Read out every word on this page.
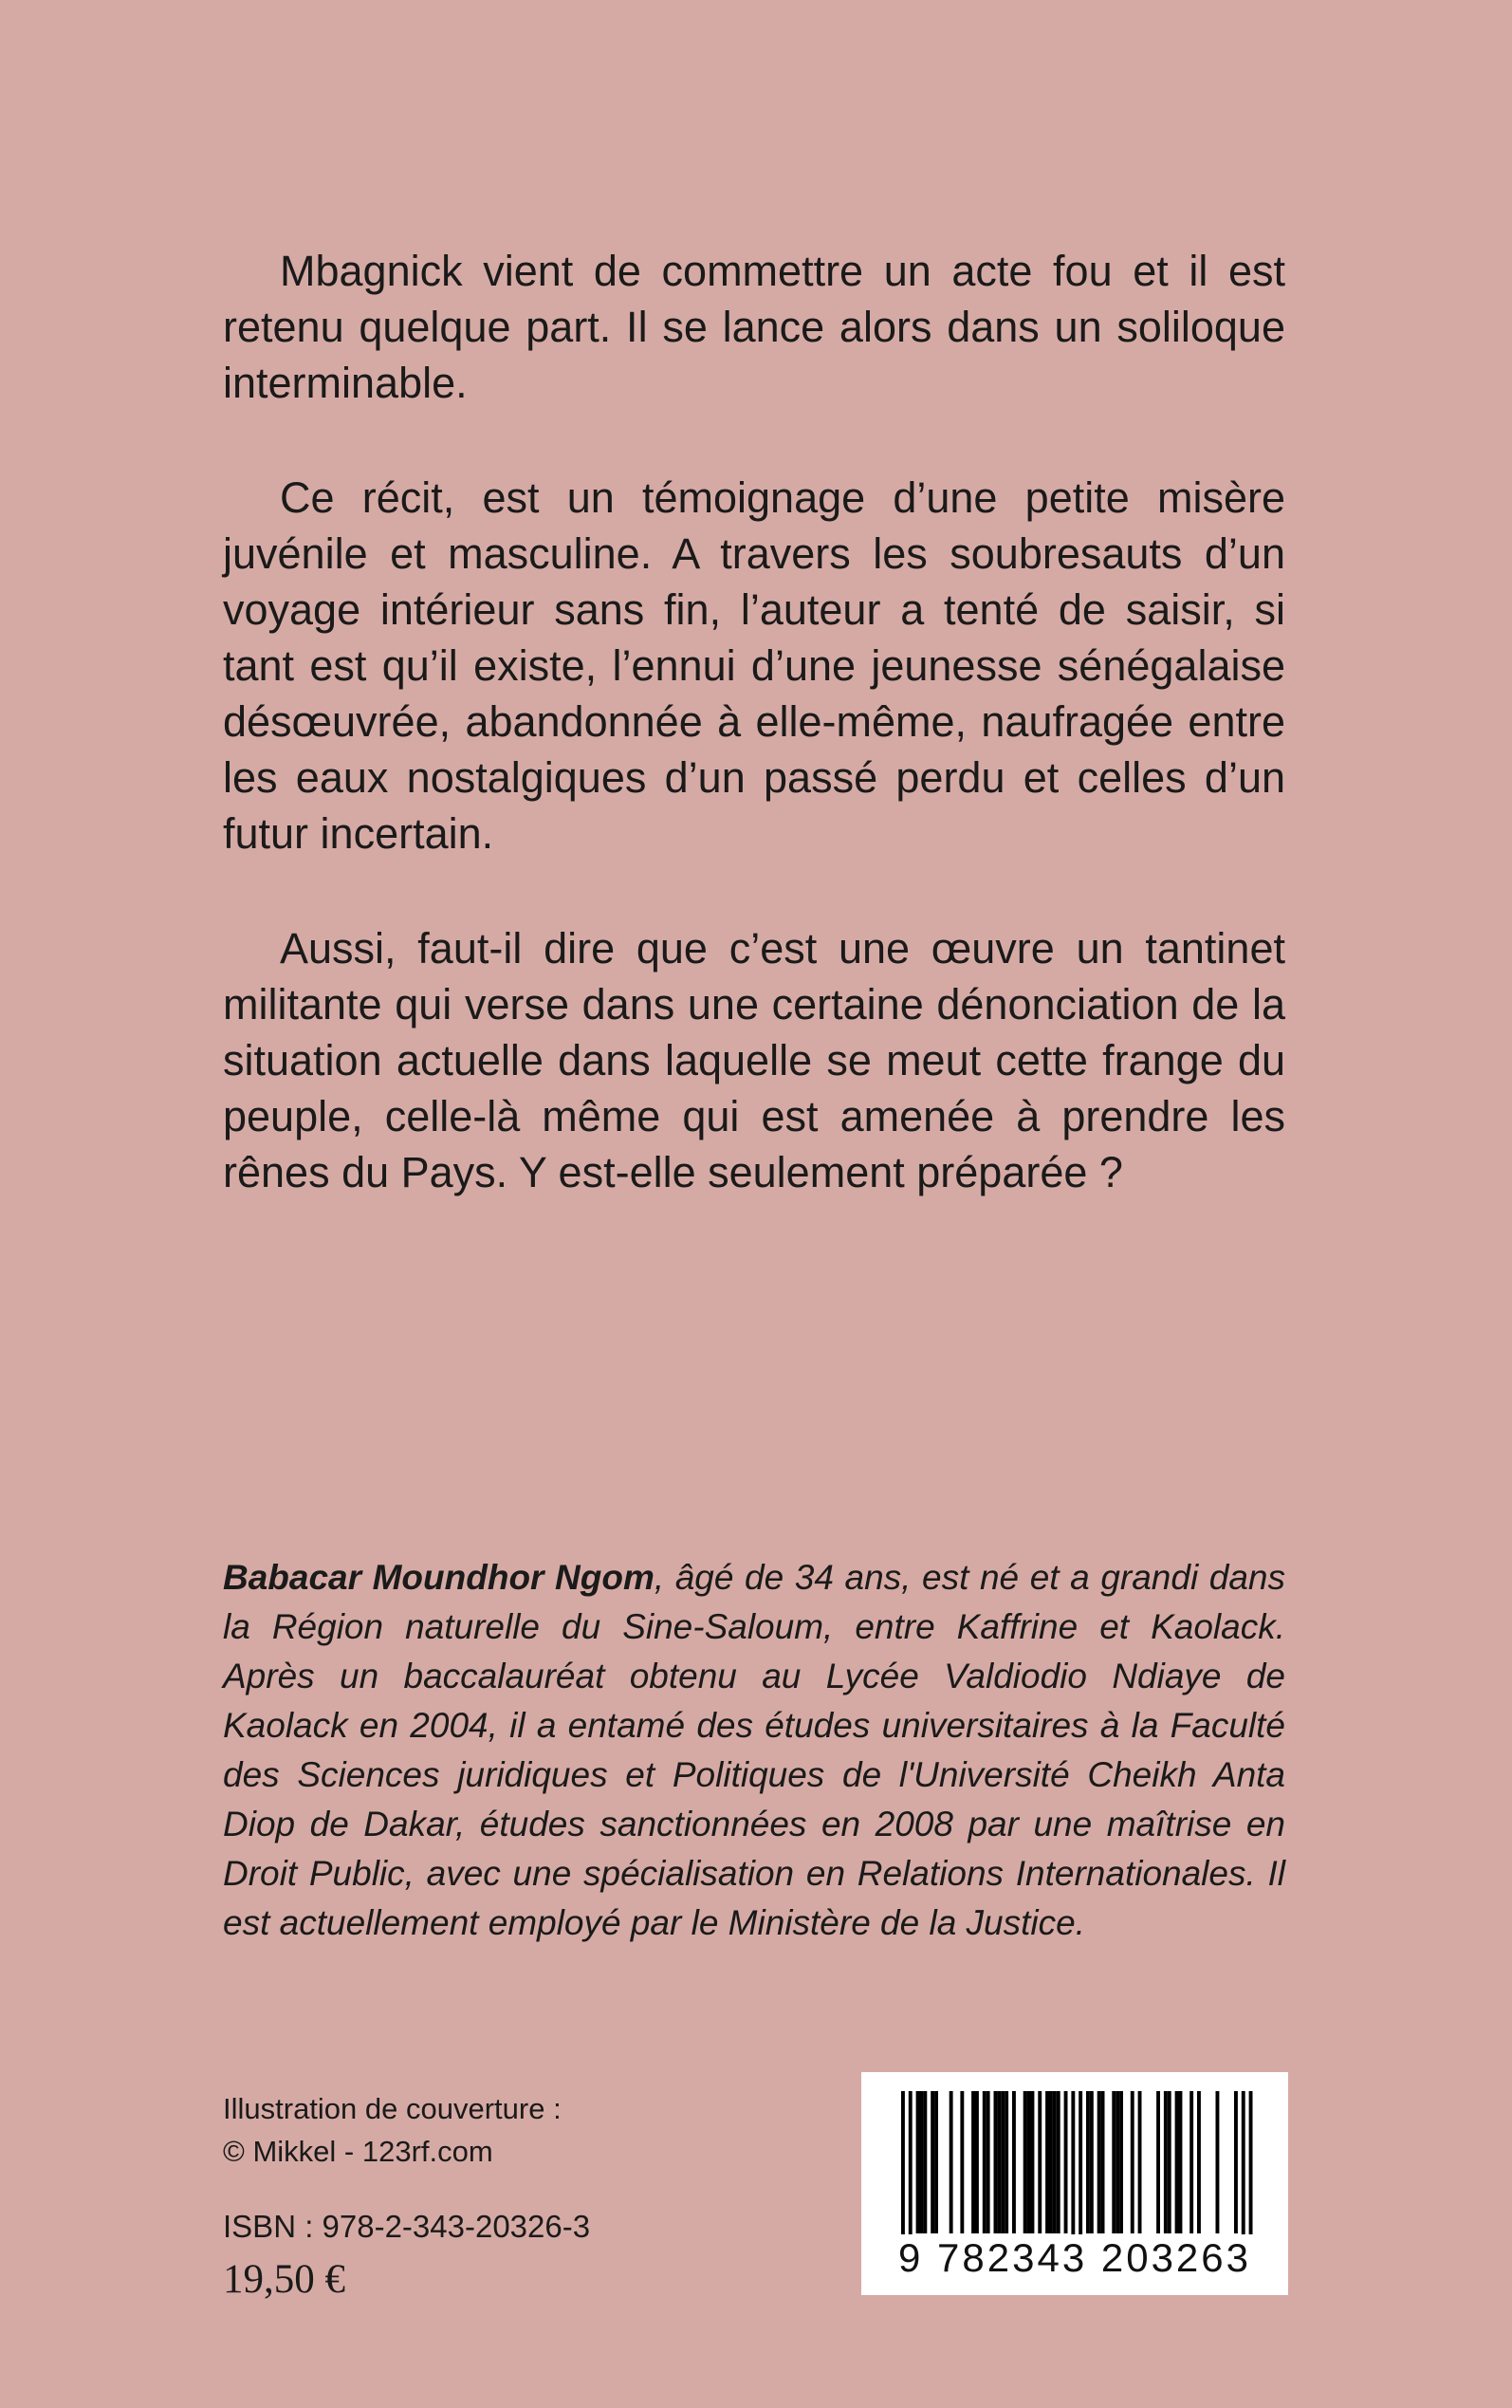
Mbagnick vient de commettre un acte fou et il est retenu quelque part. Il se lance alors dans un soliloque interminable.

Ce récit, est un témoignage d’une petite misère juvénile et masculine. A travers les soubresauts d’un voyage intérieur sans fin, l’auteur a tenté de saisir, si tant est qu’il existe, l’ennui d’une jeunesse sénégalaise désœuvrée, abandonnée à elle-même, naufragée entre les eaux nostalgiques d’un passé perdu et celles d’un futur incertain.

Aussi, faut-il dire que c’est une œuvre un tantinet militante qui verse dans une certaine dénonciation de la situation actuelle dans laquelle se meut cette frange du peuple, celle-là même qui est amenée à prendre les rênes du Pays. Y est-elle seulement préparée ?

Babacar Moundhor Ngom, âgé de 34 ans, est né et a grandi dans la Région naturelle du Sine-Saloum, entre Kaffrine et Kaolack. Après un baccalauréat obtenu au Lycée Valdiodio Ndiaye de Kaolack en 2004, il a entamé des études universitaires à la Faculté des Sciences juridiques et Politiques de l'Université Cheikh Anta Diop de Dakar, études sanctionnées en 2008 par une maîtrise en Droit Public, avec une spécialisation en Relations Internationales. Il est actuellement employé par le Ministère de la Justice.
Illustration de couverture :
© Mikkel - 123rf.com
ISBN : 978-2-343-20326-3
19,50 €	9 782343 203263
